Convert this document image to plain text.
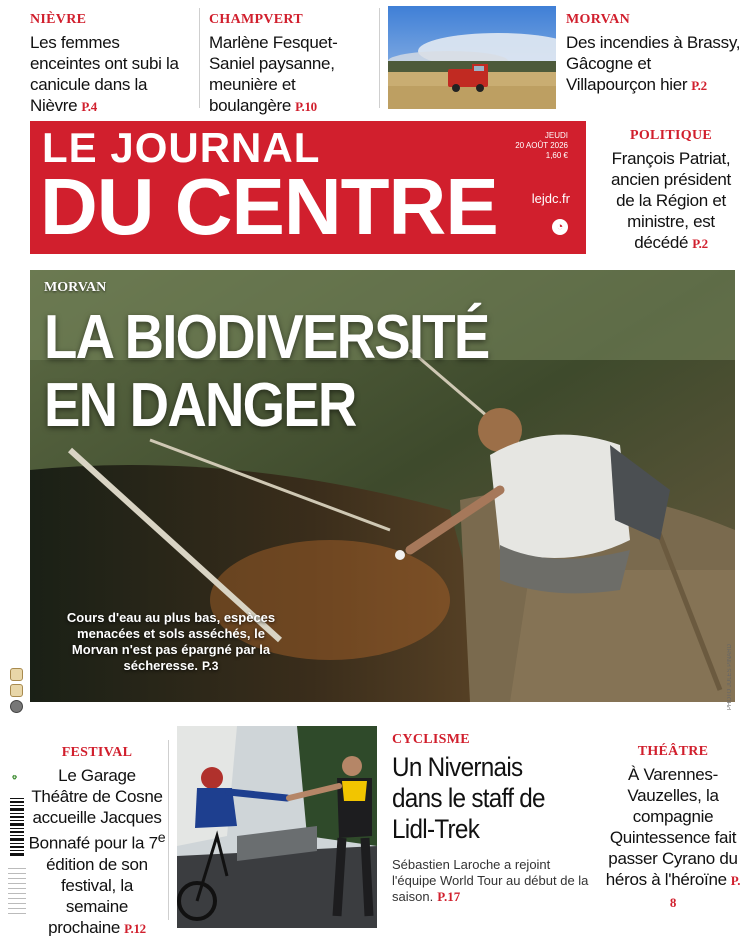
NIÈVRE
Les femmes enceintes ont subi la canicule dans la Nièvre P.4
CHAMPVERT
Marlène Fesquet-Saniel paysanne, meunière et boulangère P.10
MORVAN
Des incendies à Brassy, Gâcogne et Villapourçon hier P.2
LE JOURNAL
DU CENTRE
JEUDI
20 AOÛT 2026
1,60 €
lejdc.fr
◔
POLITIQUE
François Patriat, ancien président de la Région et ministre, est décédé P.2
MORVAN
LA BIODIVERSITÉ
EN DANGER
Cours d'eau au plus bas, espèces menacées et sols asséchés, le Morvan n'est pas épargné par la sécheresse. P.3	PHOTO JULES PINARD
♻
FESTIVAL
Le Garage Théâtre de Cosne accueille Jacques Bonnafé pour la 7e édition de son festival, la semaine prochaine P.12
CYCLISME
Un Nivernais dans le staff de Lidl-Trek
Sébastien Laroche a rejoint l'équipe World Tour au début de la saison. P.17
THÉÂTRE
À Varennes-Vauzelles, la compagnie Quintessence fait passer Cyrano du héros à l'héroïne P. 8
